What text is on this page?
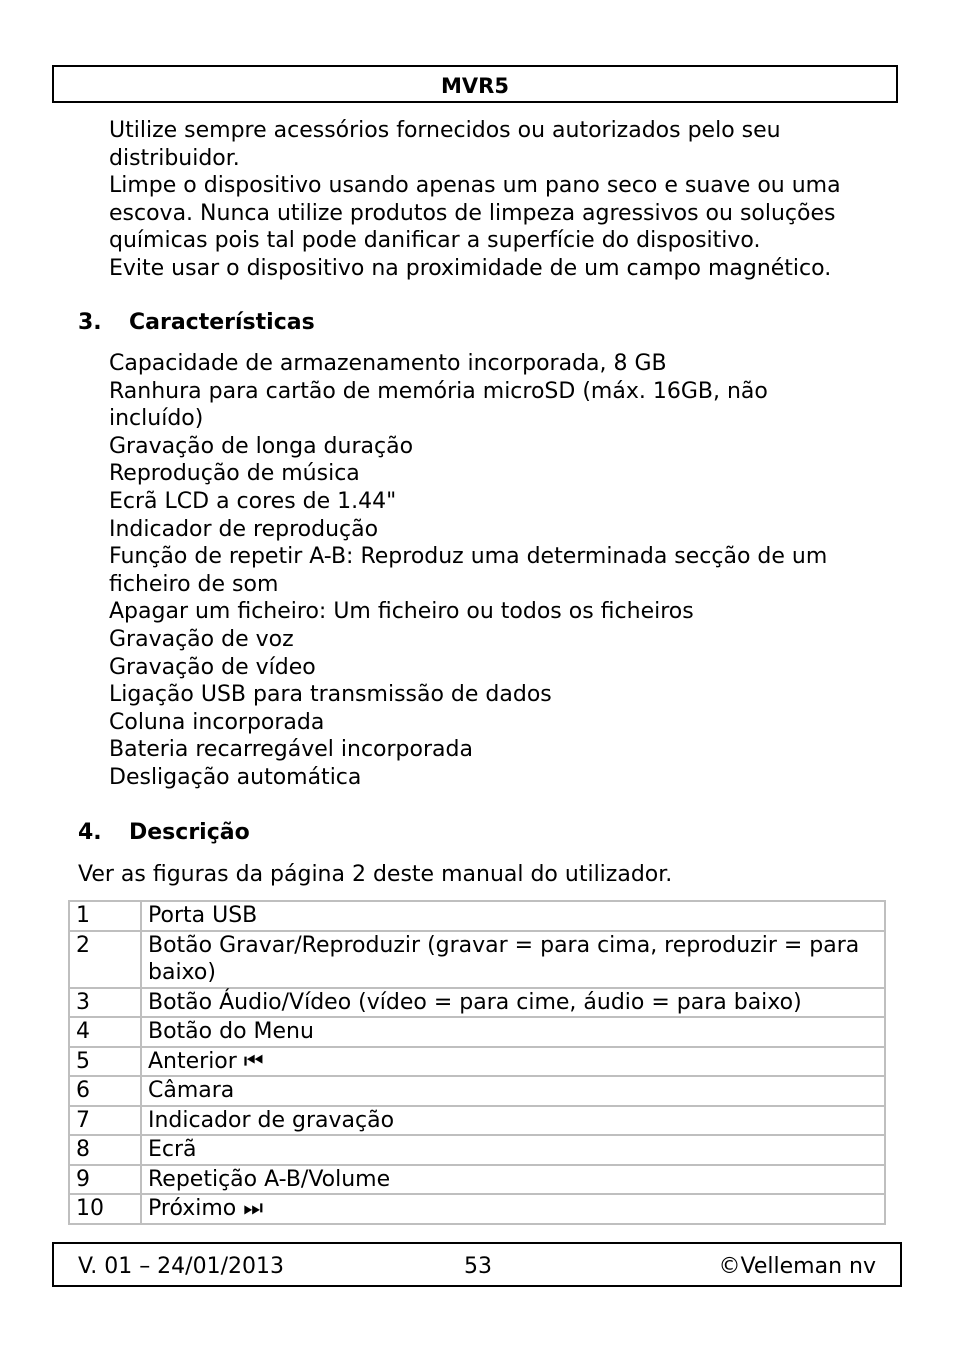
MVR5
Utilize sempre acessórios fornecidos ou autorizados pelo seu
distribuidor.
Limpe o dispositivo usando apenas um pano seco e suave ou uma
escova. Nunca utilize produtos de limpeza agressivos ou soluções
químicas pois tal pode danificar a superfície do dispositivo.
Evite usar o dispositivo na proximidade de um campo magnético.
3. Características
Capacidade de armazenamento incorporada, 8 GB
Ranhura para cartão de memória microSD (máx. 16GB, não
incluído)
Gravação de longa duração
Reprodução de música
Ecrã LCD a cores de 1.44"
Indicador de reprodução
Função de repetir A-B: Reproduz uma determinada secção de um
ficheiro de som
Apagar um ficheiro: Um ficheiro ou todos os ficheiros
Gravação de voz
Gravação de vídeo
Ligação USB para transmissão de dados
Coluna incorporada
Bateria recarregável incorporada
Desligação automática
4. Descrição
Ver as figuras da página 2 deste manual do utilizador.
1	Porta USB
2	Botão Gravar/Reproduzir (gravar = para cima, reproduzir = para baixo)
3	Botão Áudio/Vídeo (vídeo = para cime, áudio = para baixo)
4	Botão do Menu
5	Anterior ⏮
6	Câmara
7	Indicador de gravação
8	Ecrã
9	Repetição A-B/Volume
10	Próximo ⏭
V. 01 – 24/01/2013	53	©Velleman nv
